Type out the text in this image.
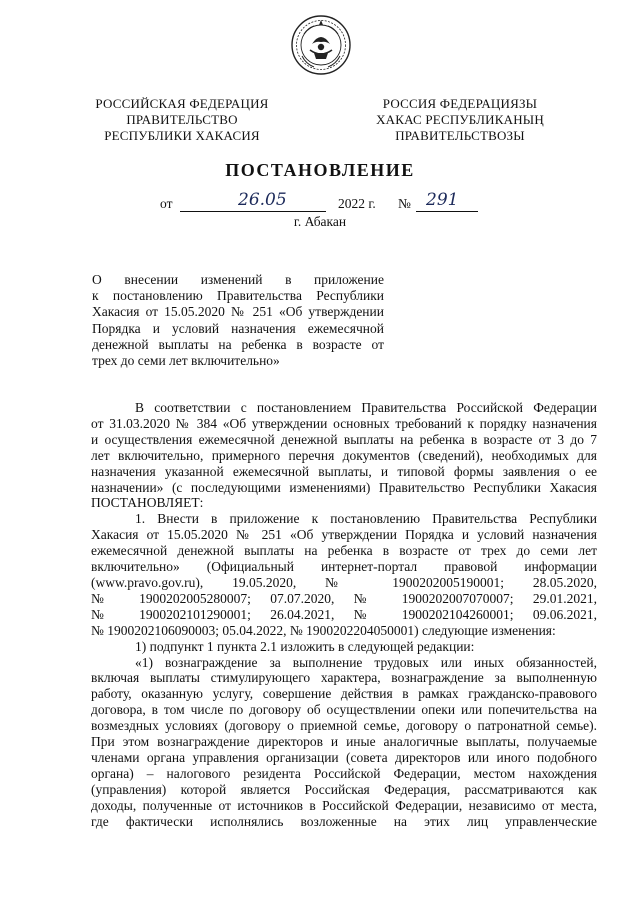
РОССИЙСКАЯ ФЕДЕРАЦИЯ
ПРАВИТЕЛЬСТВО
РЕСПУБЛИКИ ХАКАСИЯ
РОССИЯ ФЕДЕРАЦИЯЗЫ
ХАКАС РЕСПУБЛИКАНЫҢ
ПРАВИТЕЛЬСТВОЗЫ
ПОСТАНОВЛЕНИЕ
от	26.05	2022 г. № 291
г. Абакан
О внесении изменений в приложение
к постановлению Правительства Республики
Хакасия от 15.05.2020 № 251 «Об утверждении
Порядка и условий назначения ежемесячной
денежной выплаты на ребенка в возрасте от
трех до семи лет включительно»
В соответствии с постановлением Правительства Российской Федерации
от 31.03.2020 № 384 «Об утверждении основных требований к порядку назначения
и осуществления ежемесячной денежной выплаты на ребенка в возрасте от 3 до 7
лет включительно, примерного перечня документов (сведений), необходимых для
назначения указанной ежемесячной выплаты, и типовой формы заявления о ее
назначении» (с последующими изменениями) Правительство Республики Хакасия
ПОСТАНОВЛЯЕТ:
1. Внести в приложение к постановлению Правительства Республики
Хакасия от 15.05.2020 № 251 «Об утверждении Порядка и условий назначения
ежемесячной денежной выплаты на ребенка в возрасте от трех до семи лет
включительно» (Официальный интернет-портал правовой информации
(www.pravo.gov.ru), 19.05.2020, № 1900202005190001; 28.05.2020,
№ 1900202005280007; 07.07.2020, № 1900202007070007; 29.01.2021,
№ 1900202101290001; 26.04.2021, № 1900202104260001; 09.06.2021,
№ 1900202106090003; 05.04.2022, № 1900202204050001) следующие изменения:
1) подпункт 1 пункта 2.1 изложить в следующей редакции:
«1) вознаграждение за выполнение трудовых или иных обязанностей,
включая выплаты стимулирующего характера, вознаграждение за выполненную
работу, оказанную услугу, совершение действия в рамках гражданско-правового
договора, в том числе по договору об осуществлении опеки или попечительства на
возмездных условиях (договору о приемной семье, договору о патронатной семье).
При этом вознаграждение директоров и иные аналогичные выплаты, получаемые
членами органа управления организации (совета директоров или иного подобного
органа) – налогового резидента Российской Федерации, местом нахождения
(управления) которой является Российская Федерация, рассматриваются как
доходы, полученные от источников в Российской Федерации, независимо от места,
где фактически исполнялись возложенные на этих лиц управленческие
